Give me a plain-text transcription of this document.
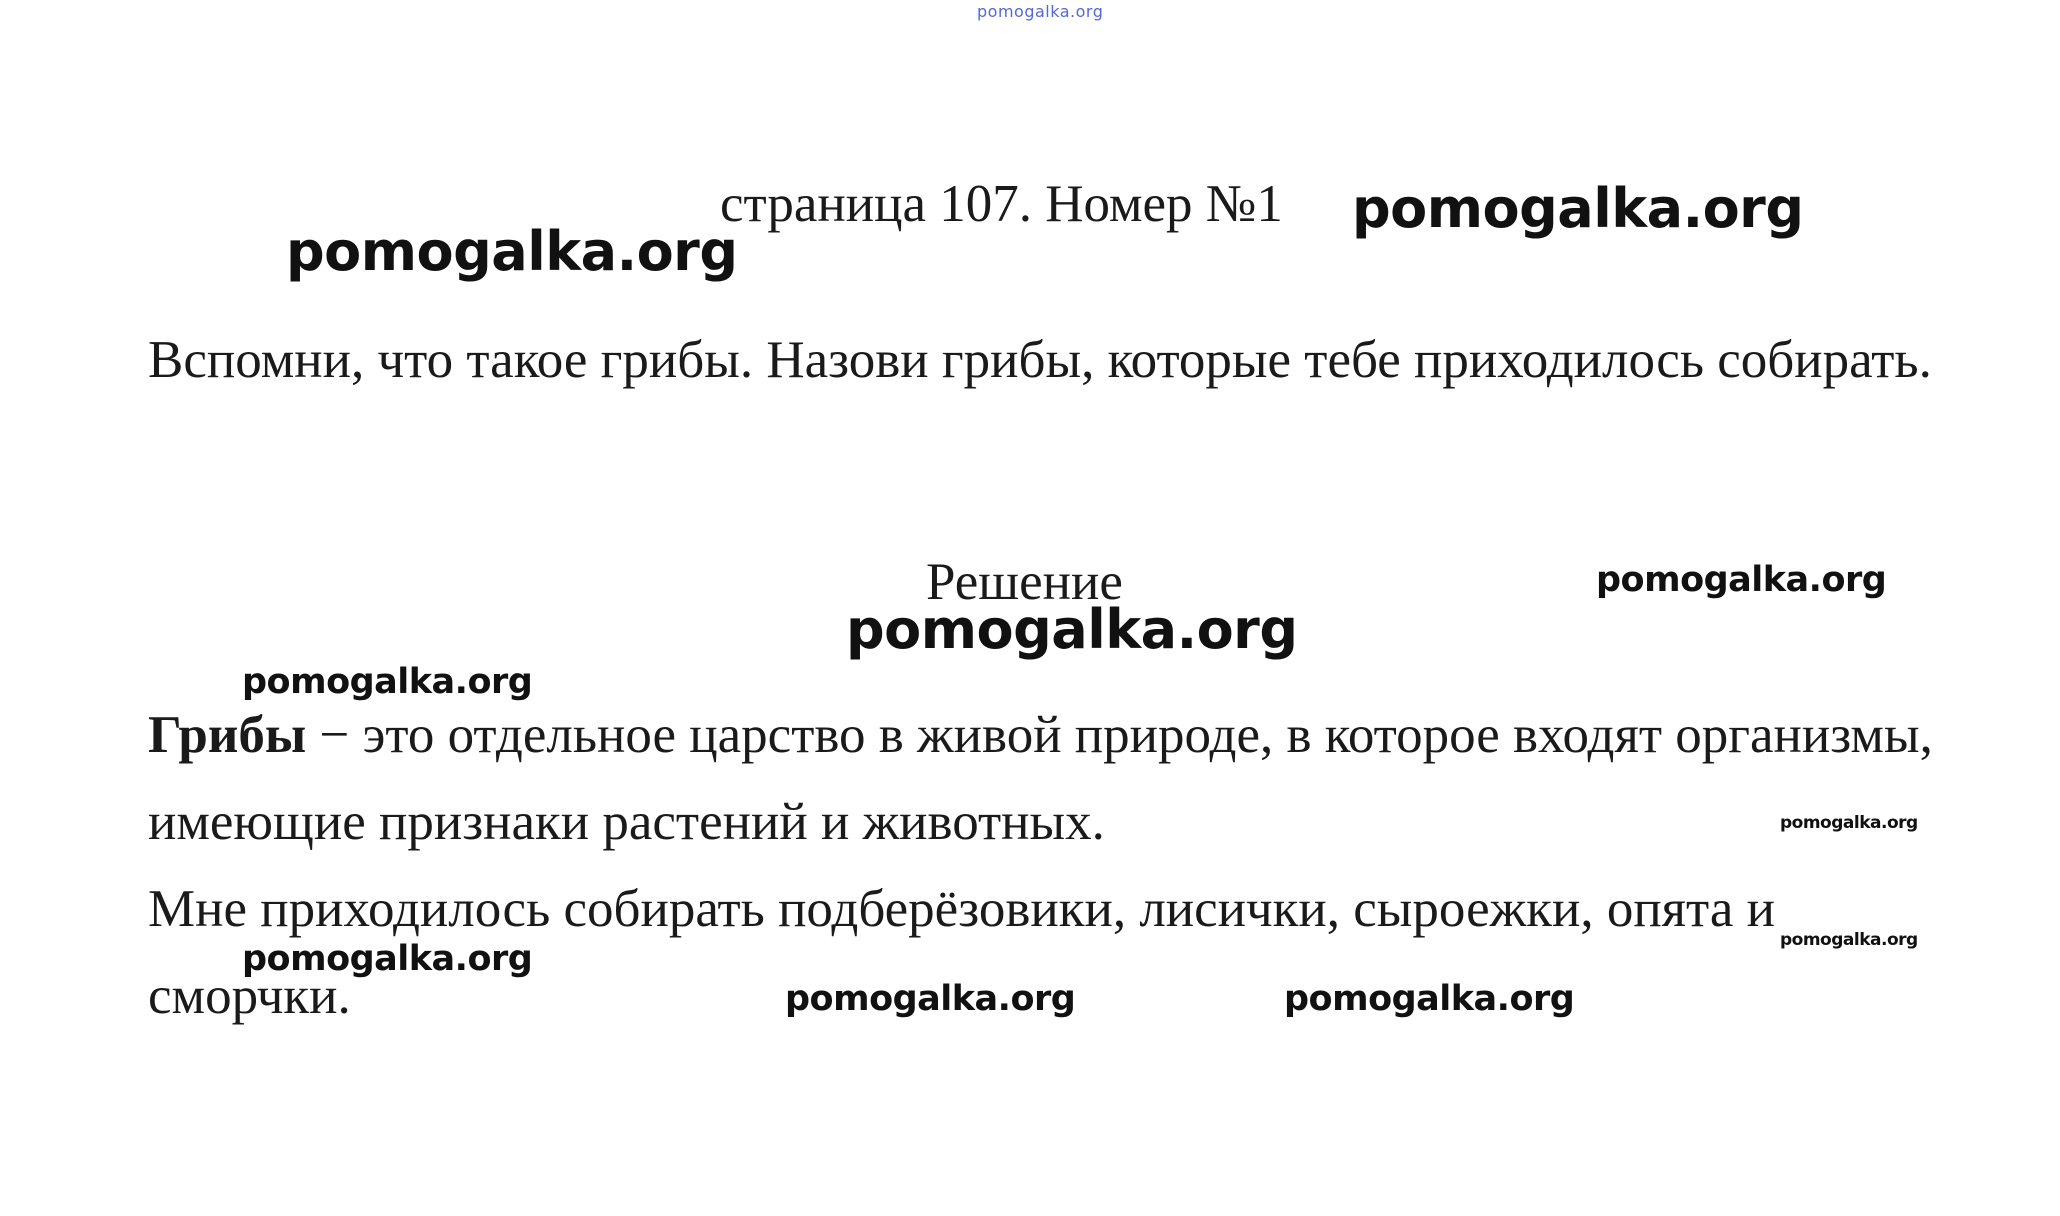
pomogalka.org
страница 107. Номер №1
Вспомни, что такое грибы. Назови грибы, которые тебе приходилось собирать.
Решение
Грибы − это отдельное царство в живой природе, в которое входят организмы, имеющие признаки растений и животных.
Мне приходилось собирать подберёзовики, лисички, сыроежки, опята и сморчки.
pomogalka.org
pomogalka.org
pomogalka.org
pomogalka.org
pomogalka.org
pomogalka.org
pomogalka.org	pomogalka.org
pomogalka.org	pomogalka.org
